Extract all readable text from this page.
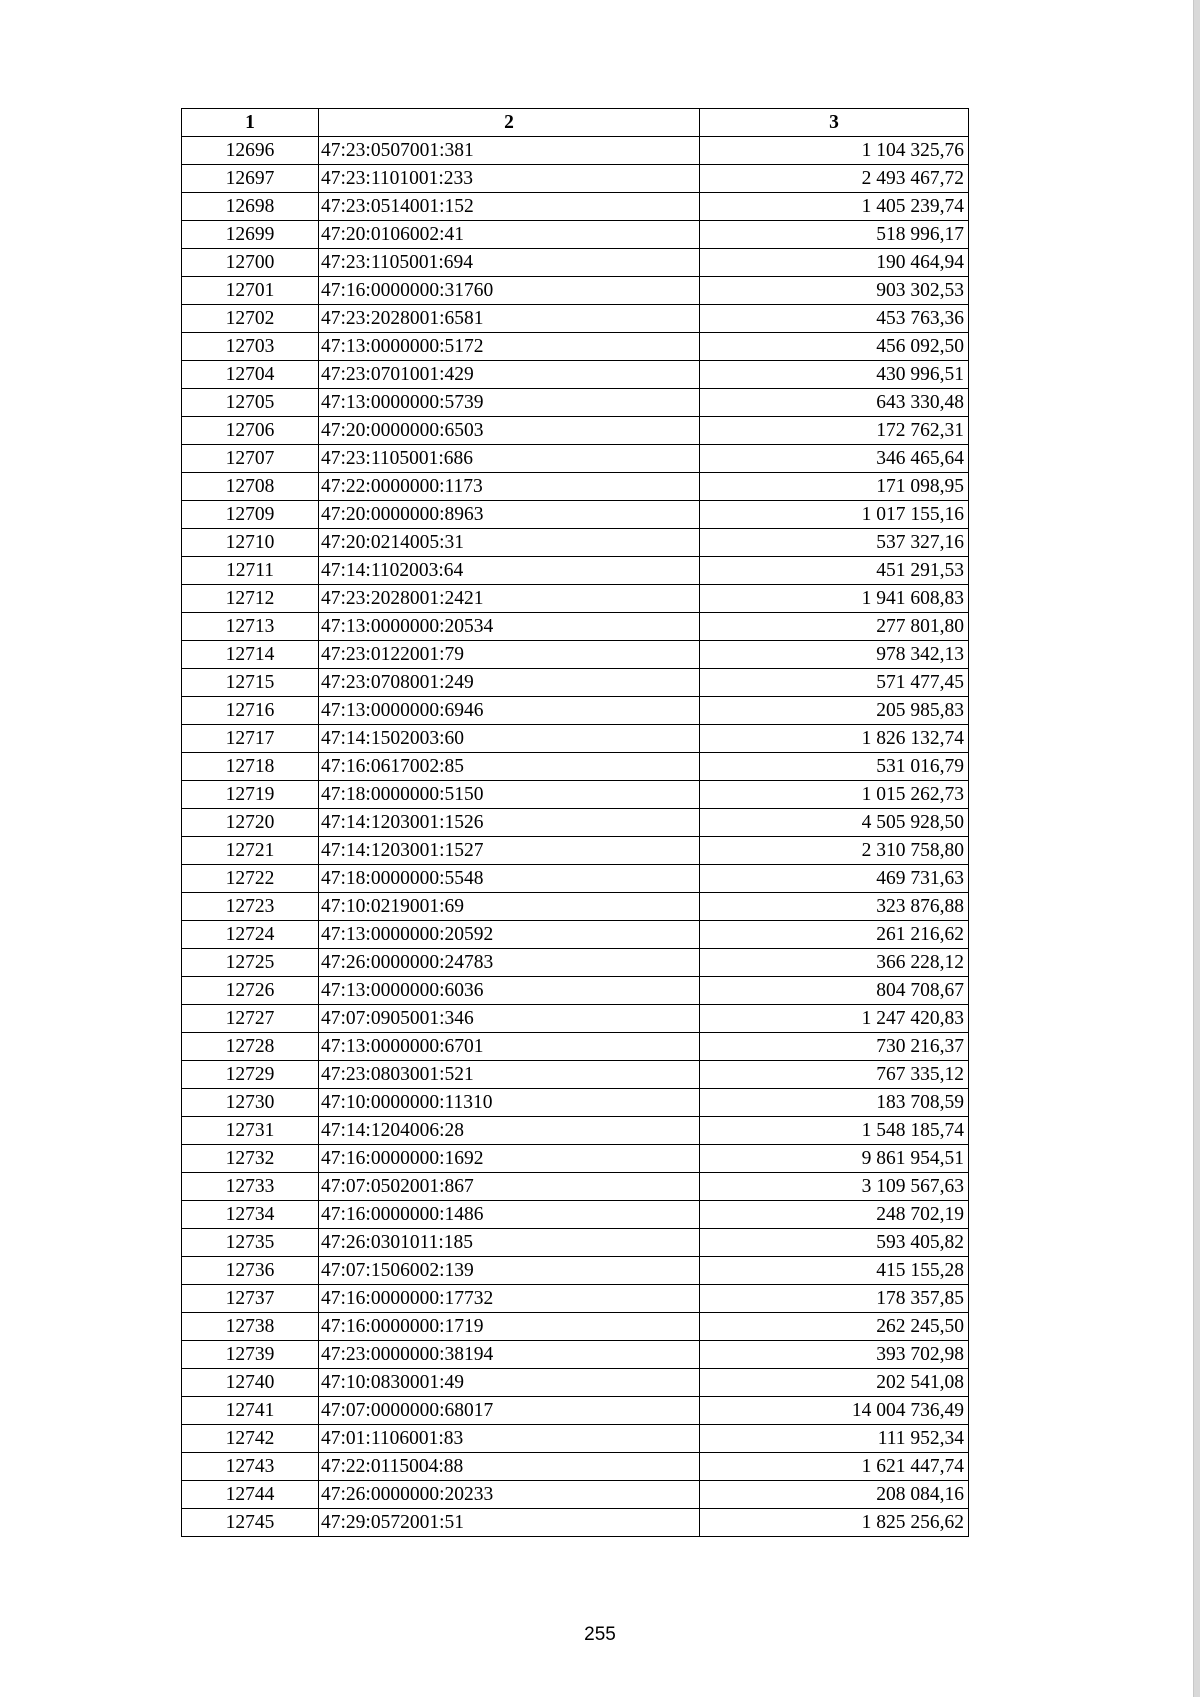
1	2	3
12696	47:23:0507001:381	1 104 325,76
12697	47:23:1101001:233	2 493 467,72
12698	47:23:0514001:152	1 405 239,74
12699	47:20:0106002:41	518 996,17
12700	47:23:1105001:694	190 464,94
12701	47:16:0000000:31760	903 302,53
12702	47:23:2028001:6581	453 763,36
12703	47:13:0000000:5172	456 092,50
12704	47:23:0701001:429	430 996,51
12705	47:13:0000000:5739	643 330,48
12706	47:20:0000000:6503	172 762,31
12707	47:23:1105001:686	346 465,64
12708	47:22:0000000:1173	171 098,95
12709	47:20:0000000:8963	1 017 155,16
12710	47:20:0214005:31	537 327,16
12711	47:14:1102003:64	451 291,53
12712	47:23:2028001:2421	1 941 608,83
12713	47:13:0000000:20534	277 801,80
12714	47:23:0122001:79	978 342,13
12715	47:23:0708001:249	571 477,45
12716	47:13:0000000:6946	205 985,83
12717	47:14:1502003:60	1 826 132,74
12718	47:16:0617002:85	531 016,79
12719	47:18:0000000:5150	1 015 262,73
12720	47:14:1203001:1526	4 505 928,50
12721	47:14:1203001:1527	2 310 758,80
12722	47:18:0000000:5548	469 731,63
12723	47:10:0219001:69	323 876,88
12724	47:13:0000000:20592	261 216,62
12725	47:26:0000000:24783	366 228,12
12726	47:13:0000000:6036	804 708,67
12727	47:07:0905001:346	1 247 420,83
12728	47:13:0000000:6701	730 216,37
12729	47:23:0803001:521	767 335,12
12730	47:10:0000000:11310	183 708,59
12731	47:14:1204006:28	1 548 185,74
12732	47:16:0000000:1692	9 861 954,51
12733	47:07:0502001:867	3 109 567,63
12734	47:16:0000000:1486	248 702,19
12735	47:26:0301011:185	593 405,82
12736	47:07:1506002:139	415 155,28
12737	47:16:0000000:17732	178 357,85
12738	47:16:0000000:1719	262 245,50
12739	47:23:0000000:38194	393 702,98
12740	47:10:0830001:49	202 541,08
12741	47:07:0000000:68017	14 004 736,49
12742	47:01:1106001:83	111 952,34
12743	47:22:0115004:88	1 621 447,74
12744	47:26:0000000:20233	208 084,16
12745	47:29:0572001:51	1 825 256,62
255
